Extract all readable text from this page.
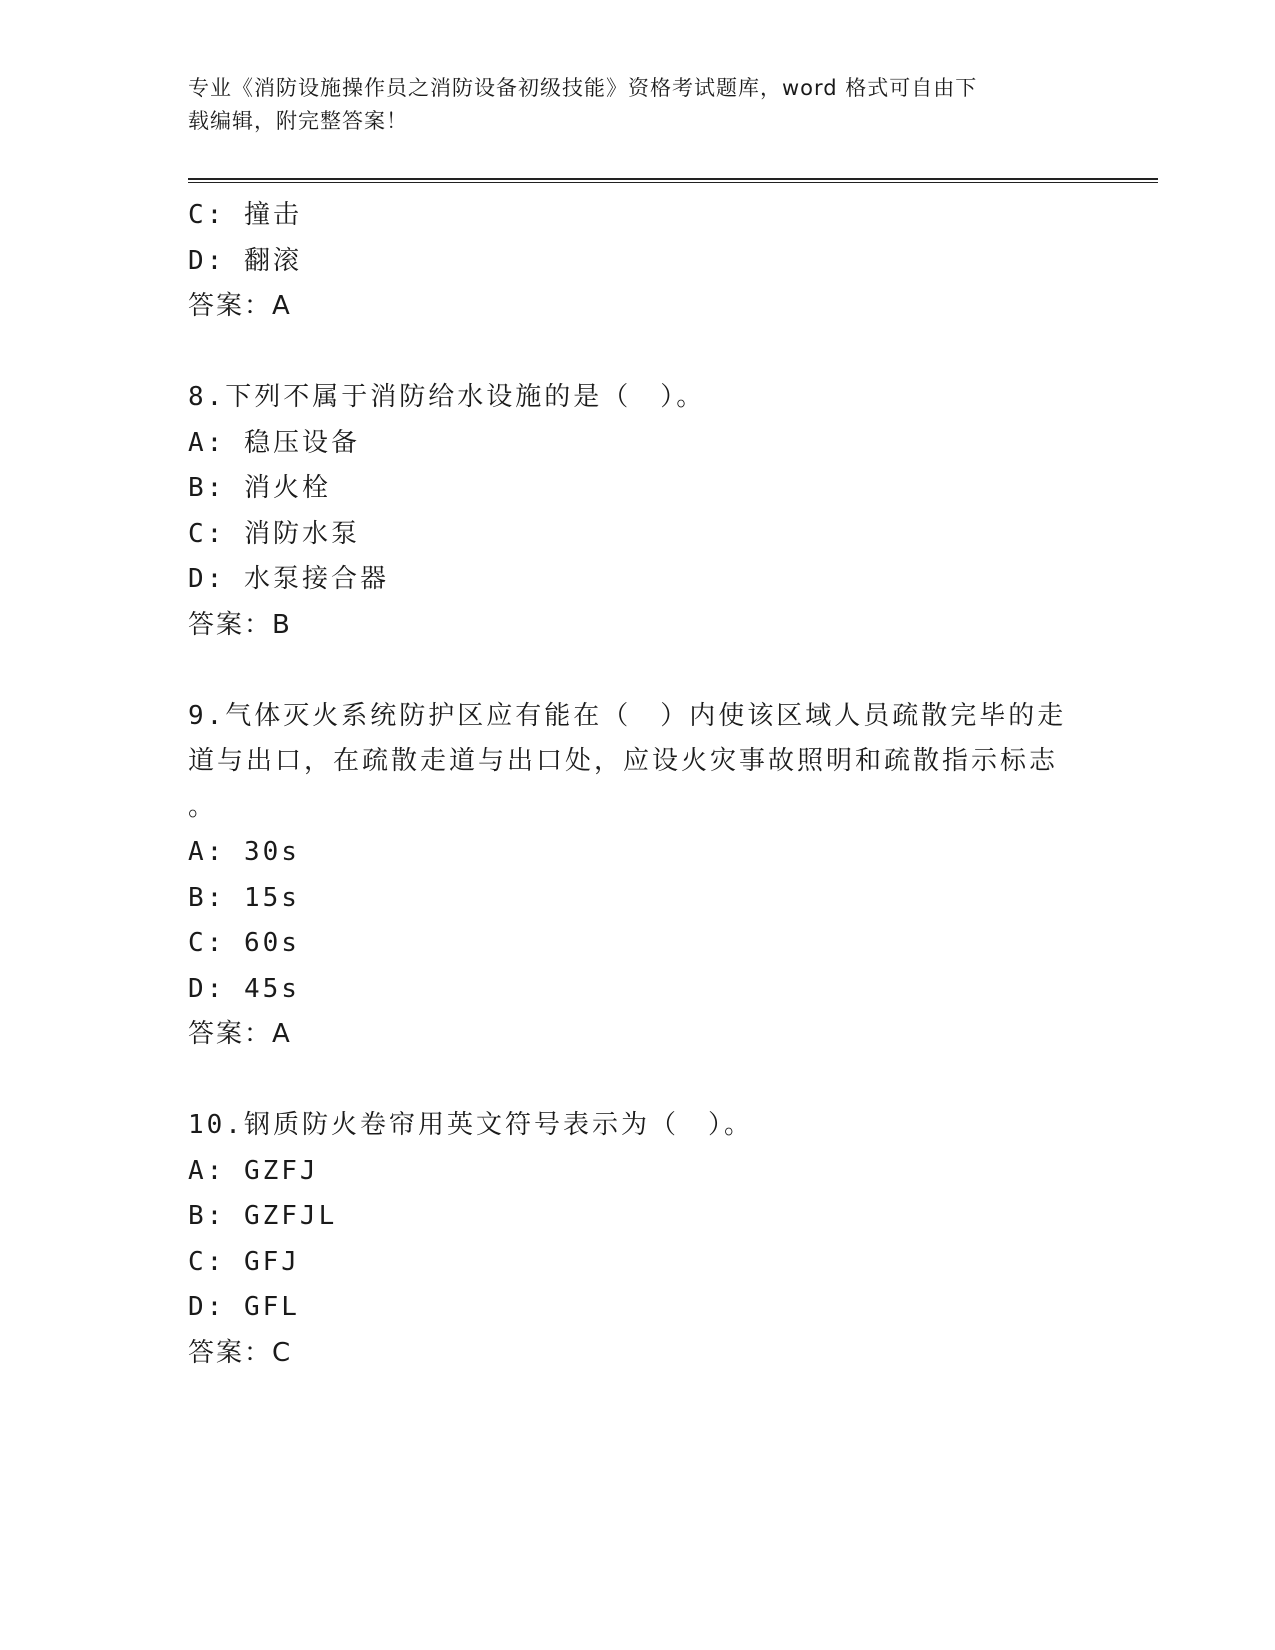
专业《消防设施操作员之消防设备初级技能》资格考试题库，word 格式可自由下
载编辑，附完整答案！
C: 撞击
D: 翻滚
答案：A
8.下列不属于消防给水设施的是（　）。
A: 稳压设备
B: 消火栓
C: 消防水泵
D: 水泵接合器
答案：B
9.气体灭火系统防护区应有能在（　）内使该区域人员疏散完毕的走
道与出口，在疏散走道与出口处，应设火灾事故照明和疏散指示标志
。
A: 30s
B: 15s
C: 60s
D: 45s
答案：A
10.钢质防火卷帘用英文符号表示为（　）。
A: GZFJ
B: GZFJL
C: GFJ
D: GFL
答案：C
